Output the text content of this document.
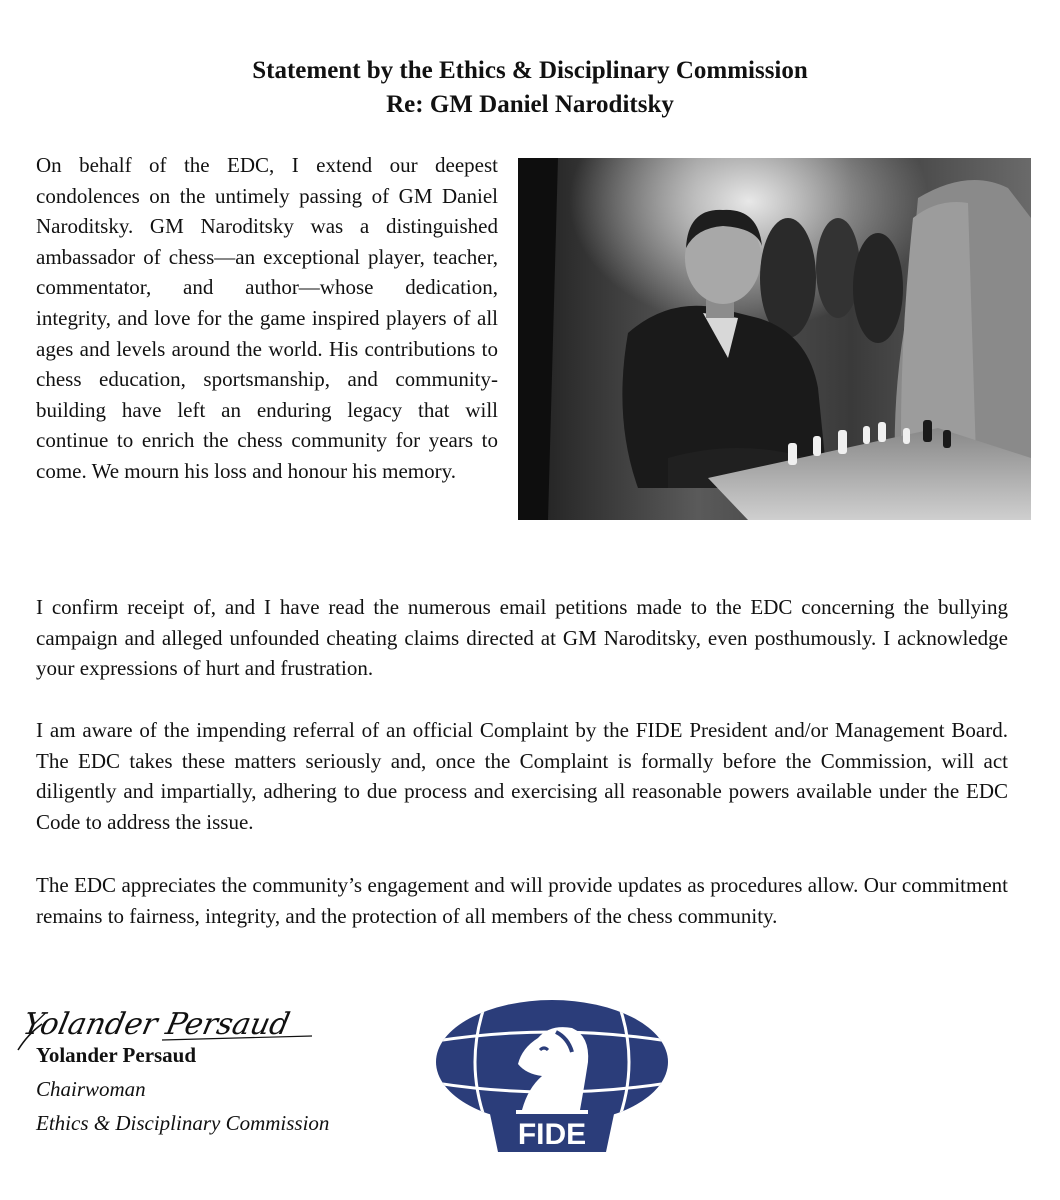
Statement by the Ethics & Disciplinary Commission
Re: GM Daniel Naroditsky

On behalf of the EDC, I extend our deepest condolences on the untimely passing of GM Daniel Naroditsky. GM Naroditsky was a distinguished ambassador of chess—an exceptional player, teacher, commentator, and author—whose dedication, integrity, and love for the game inspired players of all ages and levels around the world. His contributions to chess education, sportsmanship, and community-building have left an enduring legacy that will continue to enrich the chess community for years to come. We mourn his loss and honour his memory.

I confirm receipt of, and I have read the numerous email petitions made to the EDC concerning the bullying campaign and alleged unfounded cheating claims directed at GM Naroditsky, even posthumously. I acknowledge your expressions of hurt and frustration.

I am aware of the impending referral of an official Complaint by the FIDE President and/or Management Board. The EDC takes these matters seriously and, once the Complaint is formally before the Commission, will act diligently and impartially, adhering to due process and exercising all reasonable powers available under the EDC Code to address the issue.

The EDC appreciates the community’s engagement and will provide updates as procedures allow. Our commitment remains to fairness, integrity, and the protection of all members of the chess community.

Yolander Persaud

Yolander Persaud

Chairwoman

Ethics & Disciplinary Commission	FIDE
